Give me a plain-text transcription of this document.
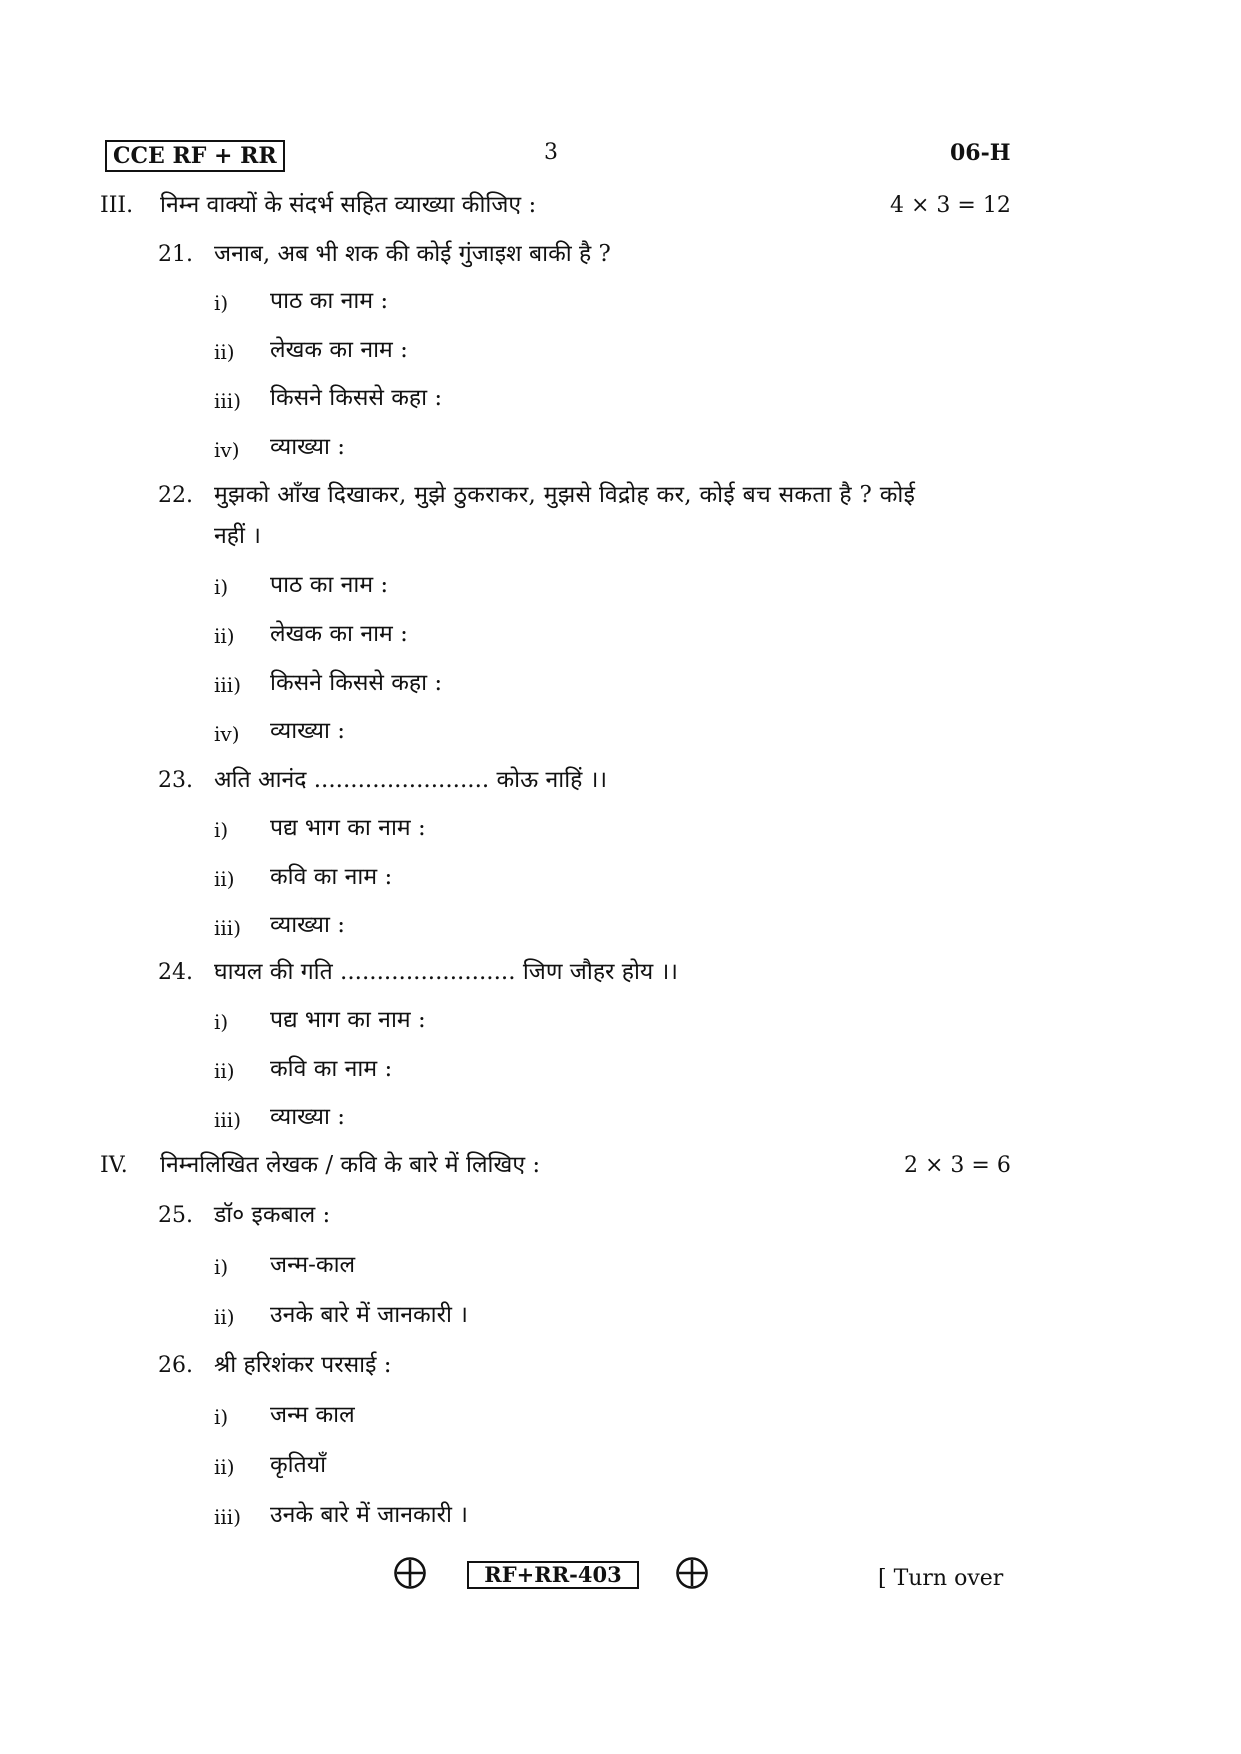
CCE RF + RR	3	06-H
III. निम्न वाक्यों के संदर्भ सहित व्याख्या कीजिए :	4 × 3 = 12
21. जनाब, अब भी शक की कोई गुंजाइश बाकी है ?
i) पाठ का नाम :
ii) लेखक का नाम :
iii) किसने किससे कहा :
iv) व्याख्या :
22. मुझको आँख दिखाकर, मुझे ठुकराकर, मुझसे विद्रोह कर, कोई बच सकता है ? कोई
नहीं ।
i) पाठ का नाम :
ii) लेखक का नाम :
iii) किसने किससे कहा :
iv) व्याख्या :
23. अति आनंद ........................ कोऊ नाहिं ।।
i) पद्य भाग का नाम :
ii) कवि का नाम :
iii) व्याख्या :
24. घायल की गति ........................ जिण जौहर होय ।।
i) पद्य भाग का नाम :
ii) कवि का नाम :
iii) व्याख्या :
IV. निम्नलिखित लेखक / कवि के बारे में लिखिए :	2 × 3 = 6
25. डॉ० इकबाल :
i) जन्म-काल
ii) उनके बारे में जानकारी ।
26. श्री हरिशंकर परसाई :
i) जन्म काल
ii) कृतियाँ
iii) उनके बारे में जानकारी ।
RF+RR-403	[ Turn over
